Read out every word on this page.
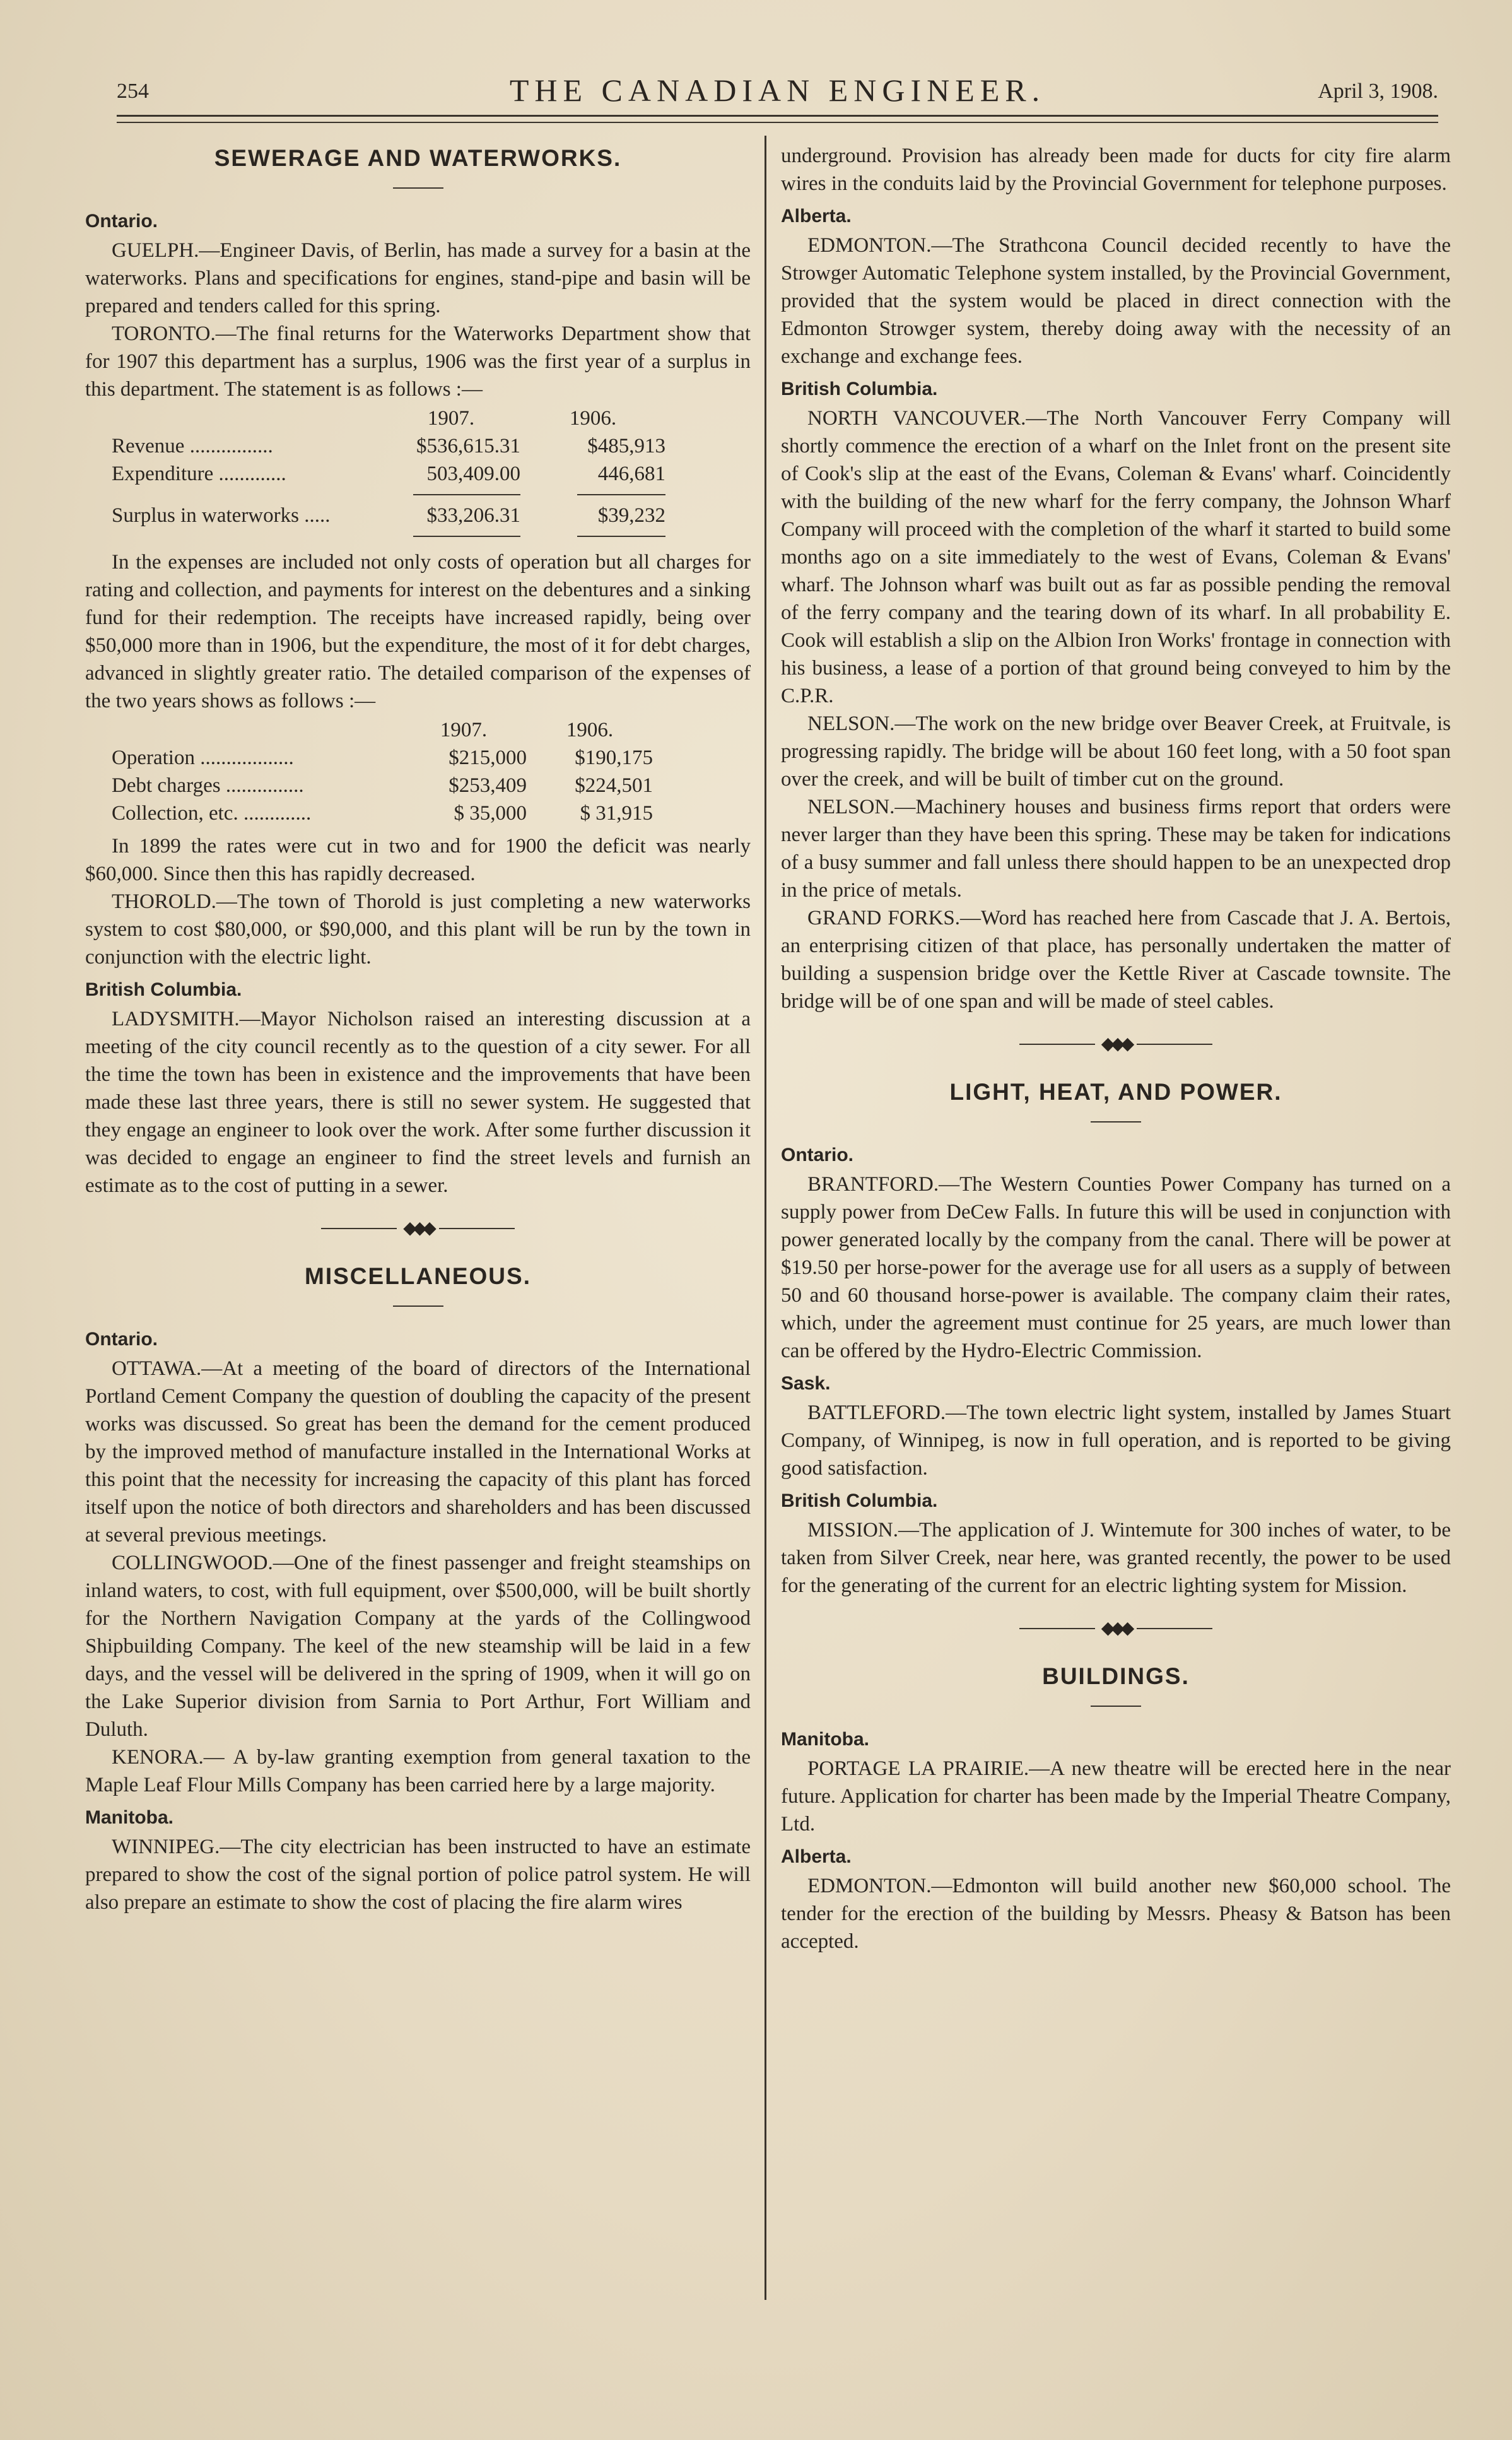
254	THE CANADIAN ENGINEER.	April 3, 1908.
SEWERAGE AND WATERWORKS.
Ontario.

GUELPH.—Engineer Davis, of Berlin, has made a survey for a basin at the waterworks. Plans and specifications for engines, stand-pipe and basin will be prepared and tenders called for this spring.

TORONTO.—The final returns for the Waterworks Department show that for 1907 this department has a surplus, 1906 was the first year of a surplus in this department. The statement is as follows :—

	1907.	1906.
Revenue ................	$536,615.31	$485,913
Expenditure .............	503,409.00	446,681

Surplus in waterworks .....	$33,206.31	$39,232

In the expenses are included not only costs of operation but all charges for rating and collection, and payments for interest on the debentures and a sinking fund for their redemption. The receipts have increased rapidly, being over $50,000 more than in 1906, but the expenditure, the most of it for debt charges, advanced in slightly greater ratio. The detailed comparison of the expenses of the two years shows as follows :—

	1907.	1906.
Operation ..................	$215,000	$190,175
Debt charges ...............	$253,409	$224,501
Collection, etc. .............	$ 35,000	$ 31,915

In 1899 the rates were cut in two and for 1900 the deficit was nearly $60,000. Since then this has rapidly decreased.

THOROLD.—The town of Thorold is just completing a new waterworks system to cost $80,000, or $90,000, and this plant will be run by the town in conjunction with the electric light.

British Columbia.

LADYSMITH.—Mayor Nicholson raised an interesting discussion at a meeting of the city council recently as to the question of a city sewer. For all the time the town has been in existence and the improvements that have been made these last three years, there is still no sewer system. He suggested that they engage an engineer to look over the work. After some further discussion it was decided to engage an engineer to find the street levels and furnish an estimate as to the cost of putting in a sewer.

◆◆◆
MISCELLANEOUS.
Ontario.

OTTAWA.—At a meeting of the board of directors of the International Portland Cement Company the question of doubling the capacity of the present works was discussed. So great has been the demand for the cement produced by the improved method of manufacture installed in the International Works at this point that the necessity for increasing the capacity of this plant has forced itself upon the notice of both directors and shareholders and has been discussed at several previous meetings.

COLLINGWOOD.—One of the finest passenger and freight steamships on inland waters, to cost, with full equipment, over $500,000, will be built shortly for the Northern Navigation Company at the yards of the Collingwood Shipbuilding Company. The keel of the new steamship will be laid in a few days, and the vessel will be delivered in the spring of 1909, when it will go on the Lake Superior division from Sarnia to Port Arthur, Fort William and Duluth.

KENORA.— A by-law granting exemption from general taxation to the Maple Leaf Flour Mills Company has been carried here by a large majority.

Manitoba.

WINNIPEG.—The city electrician has been instructed to have an estimate prepared to show the cost of the signal portion of police patrol system. He will also prepare an estimate to show the cost of placing the fire alarm wires

underground. Provision has already been made for ducts for city fire alarm wires in the conduits laid by the Provincial Government for telephone purposes.

Alberta.

EDMONTON.—The Strathcona Council decided recently to have the Strowger Automatic Telephone system installed, by the Provincial Government, provided that the system would be placed in direct connection with the Edmonton Strowger system, thereby doing away with the necessity of an exchange and exchange fees.

British Columbia.

NORTH VANCOUVER.—The North Vancouver Ferry Company will shortly commence the erection of a wharf on the Inlet front on the present site of Cook's slip at the east of the Evans, Coleman & Evans' wharf. Coincidently with the building of the new wharf for the ferry company, the Johnson Wharf Company will proceed with the completion of the wharf it started to build some months ago on a site immediately to the west of Evans, Coleman & Evans' wharf. The Johnson wharf was built out as far as possible pending the removal of the ferry company and the tearing down of its wharf. In all probability E. Cook will establish a slip on the Albion Iron Works' frontage in connection with his business, a lease of a portion of that ground being conveyed to him by the C.P.R.

NELSON.—The work on the new bridge over Beaver Creek, at Fruitvale, is progressing rapidly. The bridge will be about 160 feet long, with a 50 foot span over the creek, and will be built of timber cut on the ground.

NELSON.—Machinery houses and business firms report that orders were never larger than they have been this spring. These may be taken for indications of a busy summer and fall unless there should happen to be an unexpected drop in the price of metals.

GRAND FORKS.—Word has reached here from Cascade that J. A. Bertois, an enterprising citizen of that place, has personally undertaken the matter of building a suspension bridge over the Kettle River at Cascade townsite. The bridge will be of one span and will be made of steel cables.

◆◆◆
LIGHT, HEAT, AND POWER.
Ontario.

BRANTFORD.—The Western Counties Power Company has turned on a supply power from DeCew Falls. In future this will be used in conjunction with power generated locally by the company from the canal. There will be power at $19.50 per horse-power for the average use for all users as a supply of between 50 and 60 thousand horse-power is available. The company claim their rates, which, under the agreement must continue for 25 years, are much lower than can be offered by the Hydro-Electric Commission.

Sask.

BATTLEFORD.—The town electric light system, installed by James Stuart Company, of Winnipeg, is now in full operation, and is reported to be giving good satisfaction.

British Columbia.

MISSION.—The application of J. Wintemute for 300 inches of water, to be taken from Silver Creek, near here, was granted recently, the power to be used for the generating of the current for an electric lighting system for Mission.

◆◆◆
BUILDINGS.
Manitoba.

PORTAGE LA PRAIRIE.—A new theatre will be erected here in the near future. Application for charter has been made by the Imperial Theatre Company, Ltd.

Alberta.

EDMONTON.—Edmonton will build another new $60,000 school. The tender for the erection of the building by Messrs. Pheasy & Batson has been accepted.
